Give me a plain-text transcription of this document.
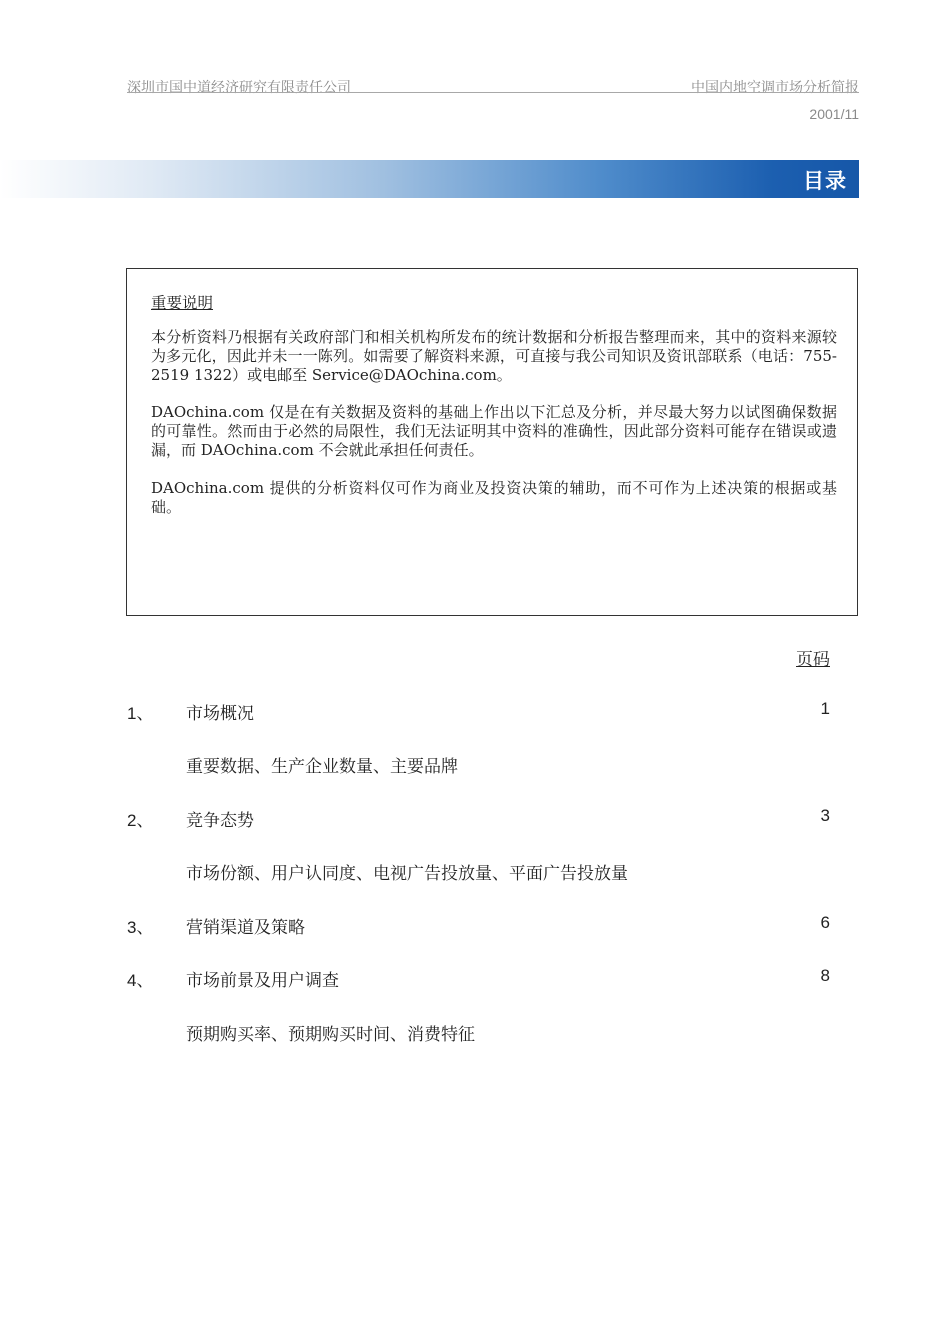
深圳市国中道经济研究有限责任公司	中国内地空调市场分析简报
2001/11
目录
重要说明

本分析资料乃根据有关政府部门和相关机构所发布的统计数据和分析报告整理而来，其中的资料来源较为多元化，因此并未一一陈列。如需要了解资料来源，可直接与我公司知识及资讯部联系（电话：755-2519 1322）或电邮至 Service@DAOchina.com。

DAOchina.com 仅是在有关数据及资料的基础上作出以下汇总及分析，并尽最大努力以试图确保数据的可靠性。然而由于必然的局限性，我们无法证明其中资料的准确性，因此部分资料可能存在错误或遗漏，而 DAOchina.com 不会就此承担任何责任。

DAOchina.com 提供的分析资料仅可作为商业及投资决策的辅助，而不可作为上述决策的根据或基础。

页码
1、 市场概况	1
重要数据、生产企业数量、主要品牌
2、 竞争态势	3
市场份额、用户认同度、电视广告投放量、平面广告投放量
3、 营销渠道及策略	6
4、 市场前景及用户调查	8
预期购买率、预期购买时间、消费特征
